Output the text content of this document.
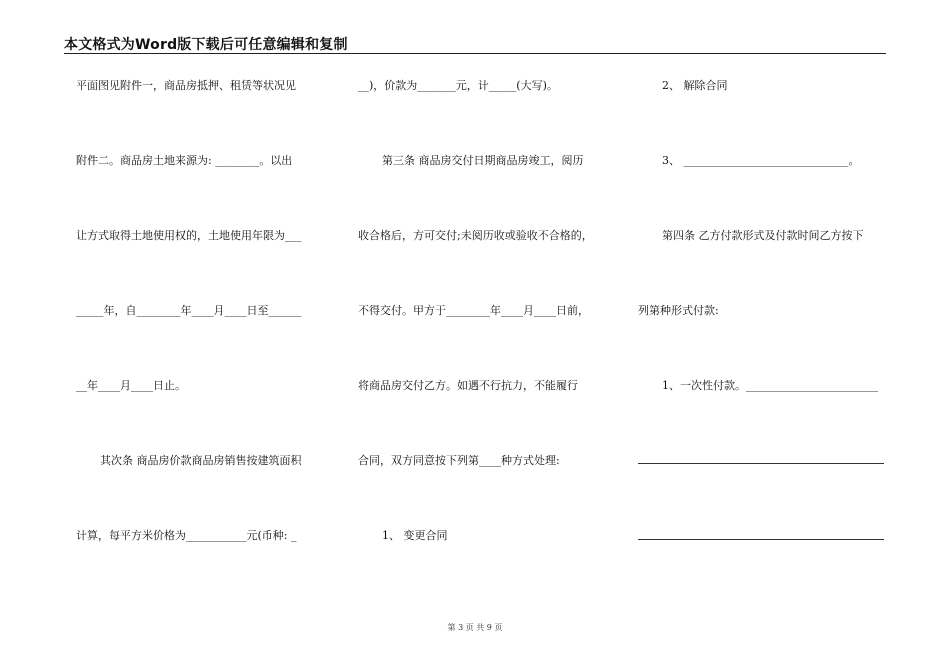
本文格式为Word版下载后可任意编辑和复制
平面图见附件一，商品房抵押、租赁等状况见
附件二。商品房土地来源为: ________。以出
让方式取得土地使用权的，土地使用年限为___
_____年，自________年____月____日至______
__年____月____日止。
其次条 商品房价款商品房销售按建筑面积
计算，每平方米价格为___________元(币种: _
__)，价款为_______元，计_____(大写)。
第三条 商品房交付日期商品房竣工，阅历
收合格后，方可交付;未阅历收或验收不合格的，
不得交付。甲方于________年____月____日前，
将商品房交付乙方。如遇不行抗力，不能履行
合同，双方同意按下列第____种方式处理:
1、 变更合同
2、 解除合同
3、 ______________________________。
第四条 乙方付款形式及付款时间乙方按下
列第种形式付款:
1、一次性付款。________________________
第 3 页 共 9 页
